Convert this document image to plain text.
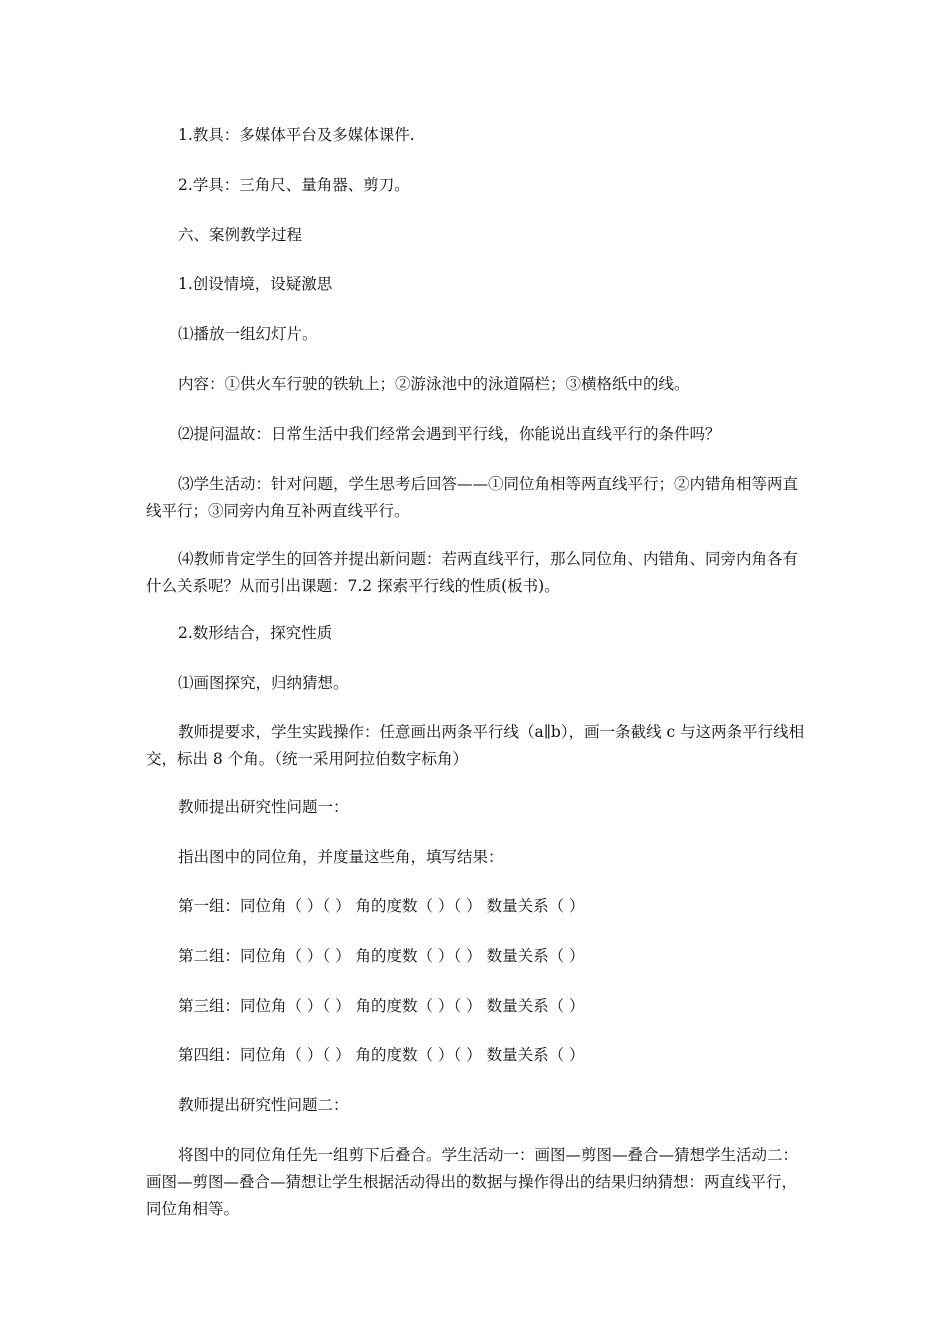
1.教具：多媒体平台及多媒体课件.

2.学具：三角尺、量角器、剪刀。

六、案例教学过程

1.创设情境，设疑激思

⑴播放一组幻灯片。

内容：①供火车行驶的铁轨上；②游泳池中的泳道隔栏；③横格纸中的线。

⑵提问温故：日常生活中我们经常会遇到平行线，你能说出直线平行的条件吗？

⑶学生活动：针对问题，学生思考后回答——①同位角相等两直线平行；②内错角相等两直线平行；③同旁内角互补两直线平行。

⑷教师肯定学生的回答并提出新问题：若两直线平行，那么同位角、内错角、同旁内角各有什么关系呢？从而引出课题：7.2 探索平行线的性质(板书)。

2.数形结合，探究性质

⑴画图探究，归纳猜想。

教师提要求，学生实践操作：任意画出两条平行线（a∥b），画一条截线 c 与这两条平行线相交，标出 8 个角。（统一采用阿拉伯数字标角）

教师提出研究性问题一：

指出图中的同位角，并度量这些角，填写结果：

第一组：同位角（ ）（ ） 角的度数（ ）（ ） 数量关系（ ）

第二组：同位角（ ）（ ） 角的度数（ ）（ ） 数量关系（ ）

第三组：同位角（ ）（ ） 角的度数（ ）（ ） 数量关系（ ）

第四组：同位角（ ）（ ） 角的度数（ ）（ ） 数量关系（ ）

教师提出研究性问题二：

将图中的同位角任先一组剪下后叠合。学生活动一：画图—剪图—叠合—猜想学生活动二：画图—剪图—叠合—猜想让学生根据活动得出的数据与操作得出的结果归纳猜想：两直线平行，同位角相等。
